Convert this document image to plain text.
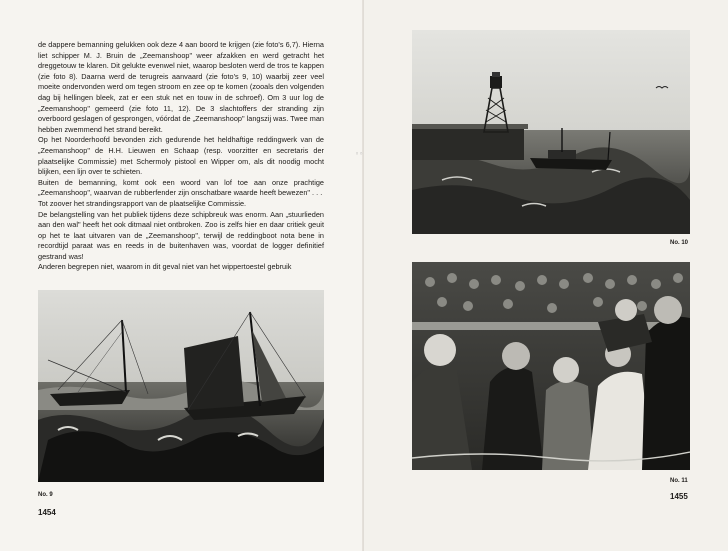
de dappere bemanning gelukken ook deze 4 aan boord te krijgen (zie foto's 6,7). Hierna liet schipper M. J. Bruin de „Zeemanshoop" weer afzakken en werd getracht het dreggetouw te klaren. Dit gelukte evenwel niet, waarop besloten werd de tros te kappen (zie foto 8). Daarna werd de terugreis aanvaard (zie foto's 9, 10) waarbij zeer veel moeite ondervonden werd om tegen stroom en zee op te komen (zooals den volgenden dag bij hellingen bleek, zat er een stuk net en touw in de schroef). Om 3 uur log de „Zeemanshoop" gemeerd (zie foto 11, 12). De 3 slachtoffers der stranding zijn overboord geslagen of gesprongen, vóórdat de „Zeemanshoop" langszij was. Twee man hebben zwemmend het strand bereikt.

Op het Noorderhoofd bevonden zich gedurende het heldhaftige reddingwerk van de „Zeemanshoop" de H.H. Lieuwen en Schaap (resp. voorzitter en secretaris der plaatselijke Commissie) met Schermoly pistool en Wipper om, als dit noodig mocht blijken, een lijn over te schieten.

Buiten de bemanning, komt ook een woord van lof toe aan onze prachtige „Zeemanshoop", waarvan de rubberfender zijn onschatbare waarde heeft bewezen" . . .

Tot zoover het strandingsrapport van de plaatselijke Commissie.

De belangstelling van het publiek tijdens deze schipbreuk was enorm. Aan „stuurlieden aan den wal" heeft het ook ditmaal niet ontbroken. Zoo is zelfs hier en daar critiek geuit op het te laat uitvaren van de „Zeemanshoop", terwijl de reddingboot nota bene in recordtijd paraat was en reeds in de buitenhaven was, voordat de logger definitief gestrand was!

Anderen begrepen niet, waarom in dit geval niet van het wippertoestel gebruik

No. 9
1454
◦◦
No. 10
No. 11
1455
